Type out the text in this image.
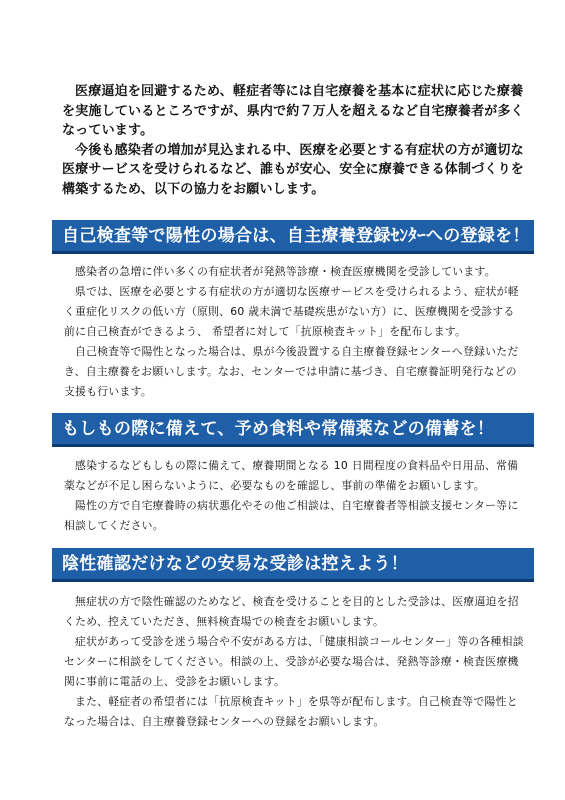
医療逼迫を回避するため、軽症者等には自宅療養を基本に症状に応じた療養を実施しているところですが、県内で約７万人を超えるなど自宅療養者が多くなっています。

今後も感染者の増加が見込まれる中、医療を必要とする有症状の方が適切な医療サービスを受けられるなど、誰もが安心、安全に療養できる体制づくりを構築するため、以下の協力をお願いします。

自己検査等で陽性の場合は、自主療養登録ｾﾝﾀｰへの登録を！

感染者の急増に伴い多くの有症状者が発熱等診療・検査医療機関を受診しています。

県では、医療を必要とする有症状の方が適切な医療サービスを受けられるよう、症状が軽く重症化リスクの低い方（原則、60 歳未満で基礎疾患がない方）に、医療機関を受診する前に自己検査ができるよう、 希望者に対して「抗原検査キット」を配布します。

自己検査等で陽性となった場合は、県が今後設置する自主療養登録センターへ登録いただき、自主療養をお願いします。なお、センターでは申請に基づき、自宅療養証明発行などの支援も行います。

もしもの際に備えて、予め食料や常備薬などの備蓄を！

感染するなどもしもの際に備えて、療養期間となる 10 日間程度の食料品や日用品、常備薬などが不足し困らないように、必要なものを確認し、事前の準備をお願いします。

陽性の方で自宅療養時の病状悪化やその他ご相談は、自宅療養者等相談支援センター等に相談してください。

陰性確認だけなどの安易な受診は控えよう！

無症状の方で陰性確認のためなど、検査を受けることを目的とした受診は、医療逼迫を招くため、控えていただき、無料検査場での検査をお願いします。

症状があって受診を迷う場合や不安がある方は、「健康相談コールセンター」等の各種相談センターに相談をしてください。相談の上、受診が必要な場合は、発熱等診療・検査医療機関に事前に電話の上、受診をお願いします。

また、軽症者の希望者には「抗原検査キット」を県等が配布します。自己検査等で陽性となった場合は、自主療養登録センターへの登録をお願いします。
